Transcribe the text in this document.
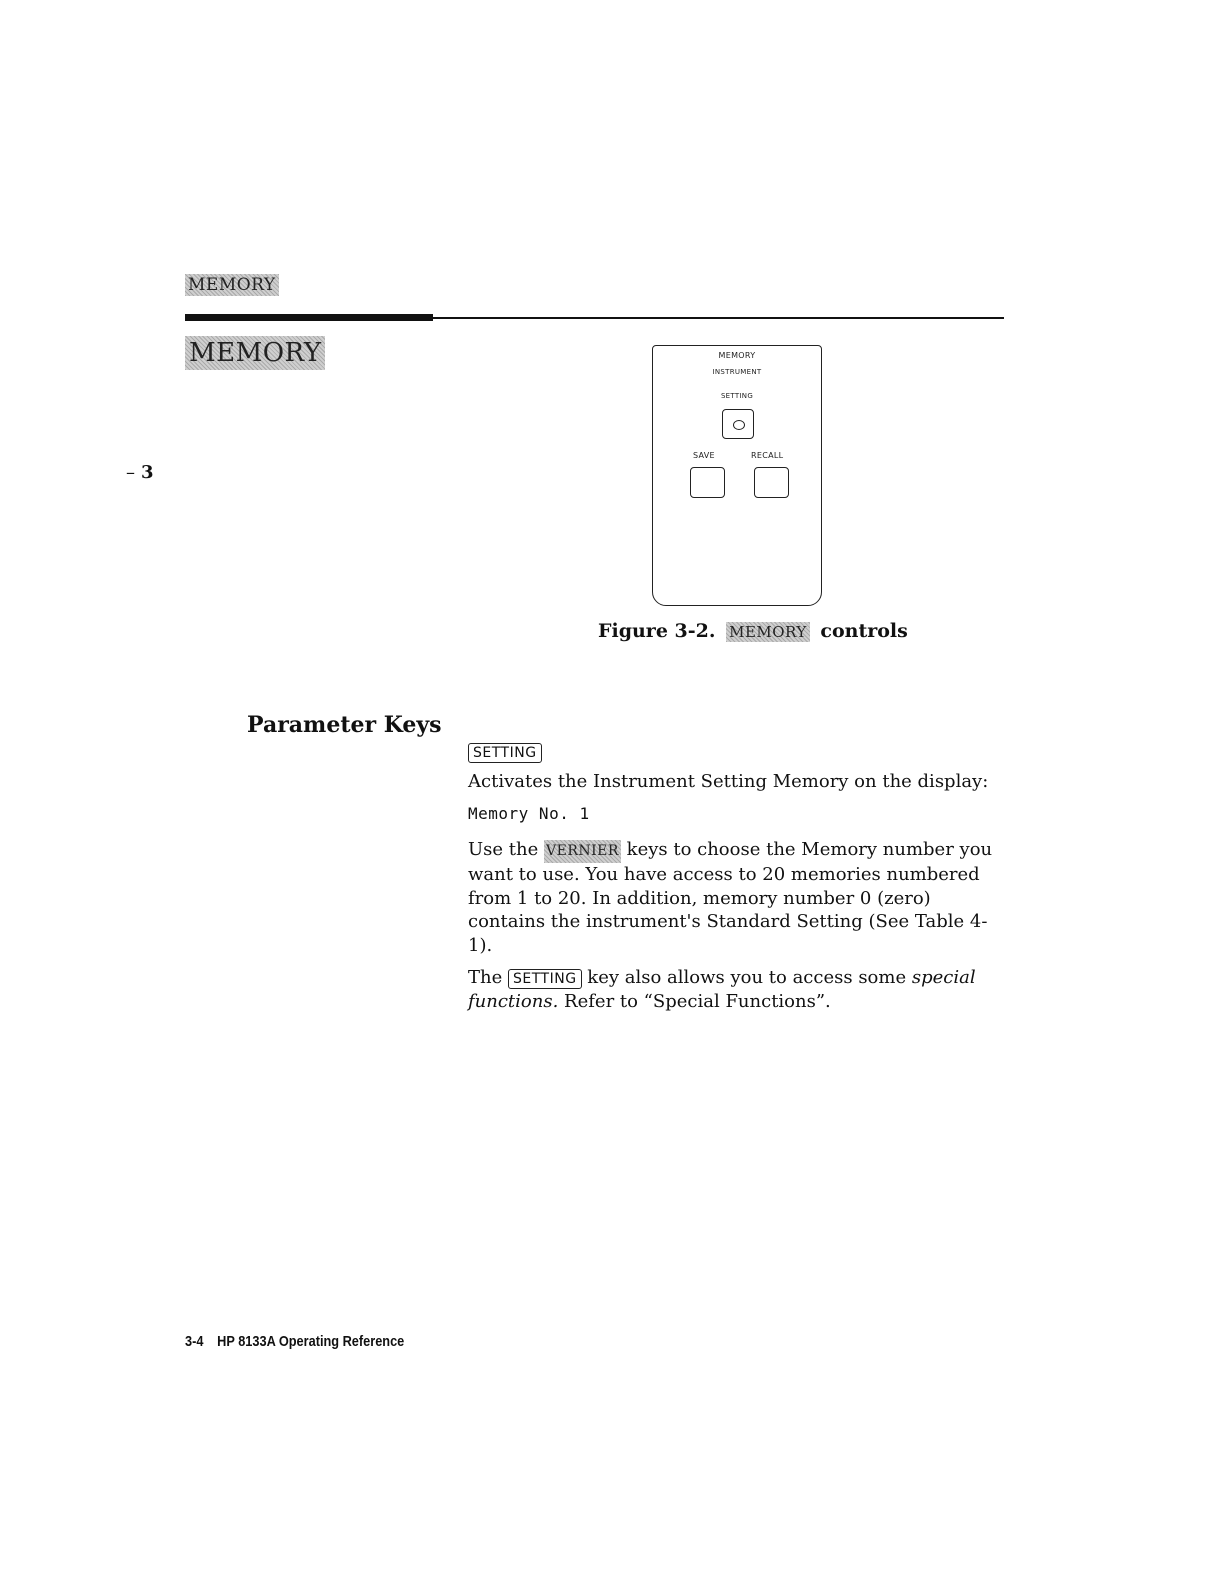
MEMORY
MEMORY
– 3
MEMORY
INSTRUMENT
SETTING
SAVE	RECALL
Figure 3-2. MEMORY controls
Parameter Keys
SETTING

Activates the Instrument Setting Memory on the display:

Memory No. 1

Use the VERNIER keys to choose the Memory number you want to use. You have access to 20 memories numbered from 1 to 20. In addition, memory number 0 (zero) contains the instrument's Standard Setting (See Table 4-1).

The SETTING key also allows you to access some special functions. Refer to “Special Functions”.

3-4 HP 8133A Operating Reference
